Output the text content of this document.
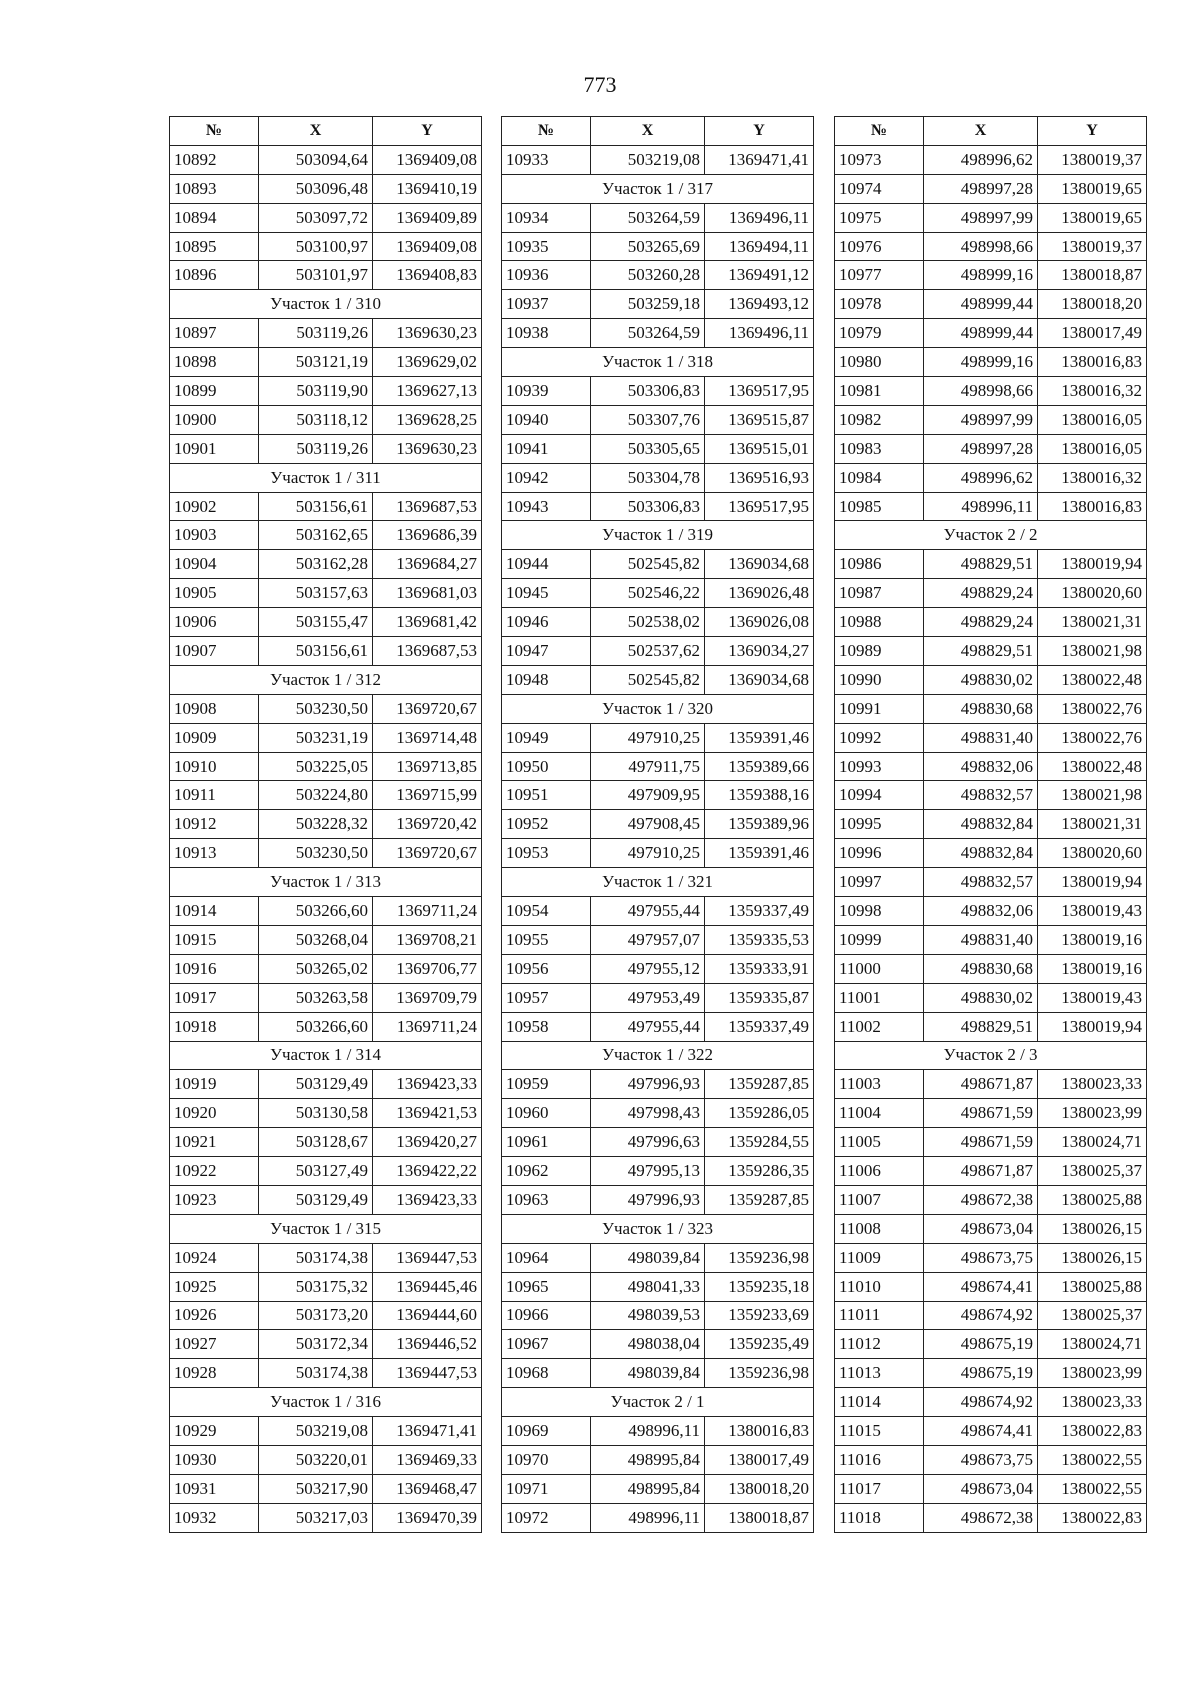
773
№	X	Y
10892	503094,64	1369409,08
10893	503096,48	1369410,19
10894	503097,72	1369409,89
10895	503100,97	1369409,08
10896	503101,97	1369408,83
Участок 1 / 310		
10897	503119,26	1369630,23
10898	503121,19	1369629,02
10899	503119,90	1369627,13
10900	503118,12	1369628,25
10901	503119,26	1369630,23
Участок 1 / 311		
10902	503156,61	1369687,53
10903	503162,65	1369686,39
10904	503162,28	1369684,27
10905	503157,63	1369681,03
10906	503155,47	1369681,42
10907	503156,61	1369687,53
Участок 1 / 312		
10908	503230,50	1369720,67
10909	503231,19	1369714,48
10910	503225,05	1369713,85
10911	503224,80	1369715,99
10912	503228,32	1369720,42
10913	503230,50	1369720,67
Участок 1 / 313		
10914	503266,60	1369711,24
10915	503268,04	1369708,21
10916	503265,02	1369706,77
10917	503263,58	1369709,79
10918	503266,60	1369711,24
Участок 1 / 314		
10919	503129,49	1369423,33
10920	503130,58	1369421,53
10921	503128,67	1369420,27
10922	503127,49	1369422,22
10923	503129,49	1369423,33
Участок 1 / 315		
10924	503174,38	1369447,53
10925	503175,32	1369445,46
10926	503173,20	1369444,60
10927	503172,34	1369446,52
10928	503174,38	1369447,53
Участок 1 / 316		
10929	503219,08	1369471,41
10930	503220,01	1369469,33
10931	503217,90	1369468,47
10932	503217,03	1369470,39
№	X	Y
10933	503219,08	1369471,41
Участок 1 / 317		
10934	503264,59	1369496,11
10935	503265,69	1369494,11
10936	503260,28	1369491,12
10937	503259,18	1369493,12
10938	503264,59	1369496,11
Участок 1 / 318		
10939	503306,83	1369517,95
10940	503307,76	1369515,87
10941	503305,65	1369515,01
10942	503304,78	1369516,93
10943	503306,83	1369517,95
Участок 1 / 319		
10944	502545,82	1369034,68
10945	502546,22	1369026,48
10946	502538,02	1369026,08
10947	502537,62	1369034,27
10948	502545,82	1369034,68
Участок 1 / 320		
10949	497910,25	1359391,46
10950	497911,75	1359389,66
10951	497909,95	1359388,16
10952	497908,45	1359389,96
10953	497910,25	1359391,46
Участок 1 / 321		
10954	497955,44	1359337,49
10955	497957,07	1359335,53
10956	497955,12	1359333,91
10957	497953,49	1359335,87
10958	497955,44	1359337,49
Участок 1 / 322		
10959	497996,93	1359287,85
10960	497998,43	1359286,05
10961	497996,63	1359284,55
10962	497995,13	1359286,35
10963	497996,93	1359287,85
Участок 1 / 323		
10964	498039,84	1359236,98
10965	498041,33	1359235,18
10966	498039,53	1359233,69
10967	498038,04	1359235,49
10968	498039,84	1359236,98
Участок 2 / 1		
10969	498996,11	1380016,83
10970	498995,84	1380017,49
10971	498995,84	1380018,20
10972	498996,11	1380018,87
№	X	Y
10973	498996,62	1380019,37
10974	498997,28	1380019,65
10975	498997,99	1380019,65
10976	498998,66	1380019,37
10977	498999,16	1380018,87
10978	498999,44	1380018,20
10979	498999,44	1380017,49
10980	498999,16	1380016,83
10981	498998,66	1380016,32
10982	498997,99	1380016,05
10983	498997,28	1380016,05
10984	498996,62	1380016,32
10985	498996,11	1380016,83
Участок 2 / 2		
10986	498829,51	1380019,94
10987	498829,24	1380020,60
10988	498829,24	1380021,31
10989	498829,51	1380021,98
10990	498830,02	1380022,48
10991	498830,68	1380022,76
10992	498831,40	1380022,76
10993	498832,06	1380022,48
10994	498832,57	1380021,98
10995	498832,84	1380021,31
10996	498832,84	1380020,60
10997	498832,57	1380019,94
10998	498832,06	1380019,43
10999	498831,40	1380019,16
11000	498830,68	1380019,16
11001	498830,02	1380019,43
11002	498829,51	1380019,94
Участок 2 / 3		
11003	498671,87	1380023,33
11004	498671,59	1380023,99
11005	498671,59	1380024,71
11006	498671,87	1380025,37
11007	498672,38	1380025,88
11008	498673,04	1380026,15
11009	498673,75	1380026,15
11010	498674,41	1380025,88
11011	498674,92	1380025,37
11012	498675,19	1380024,71
11013	498675,19	1380023,99
11014	498674,92	1380023,33
11015	498674,41	1380022,83
11016	498673,75	1380022,55
11017	498673,04	1380022,55
11018	498672,38	1380022,83
